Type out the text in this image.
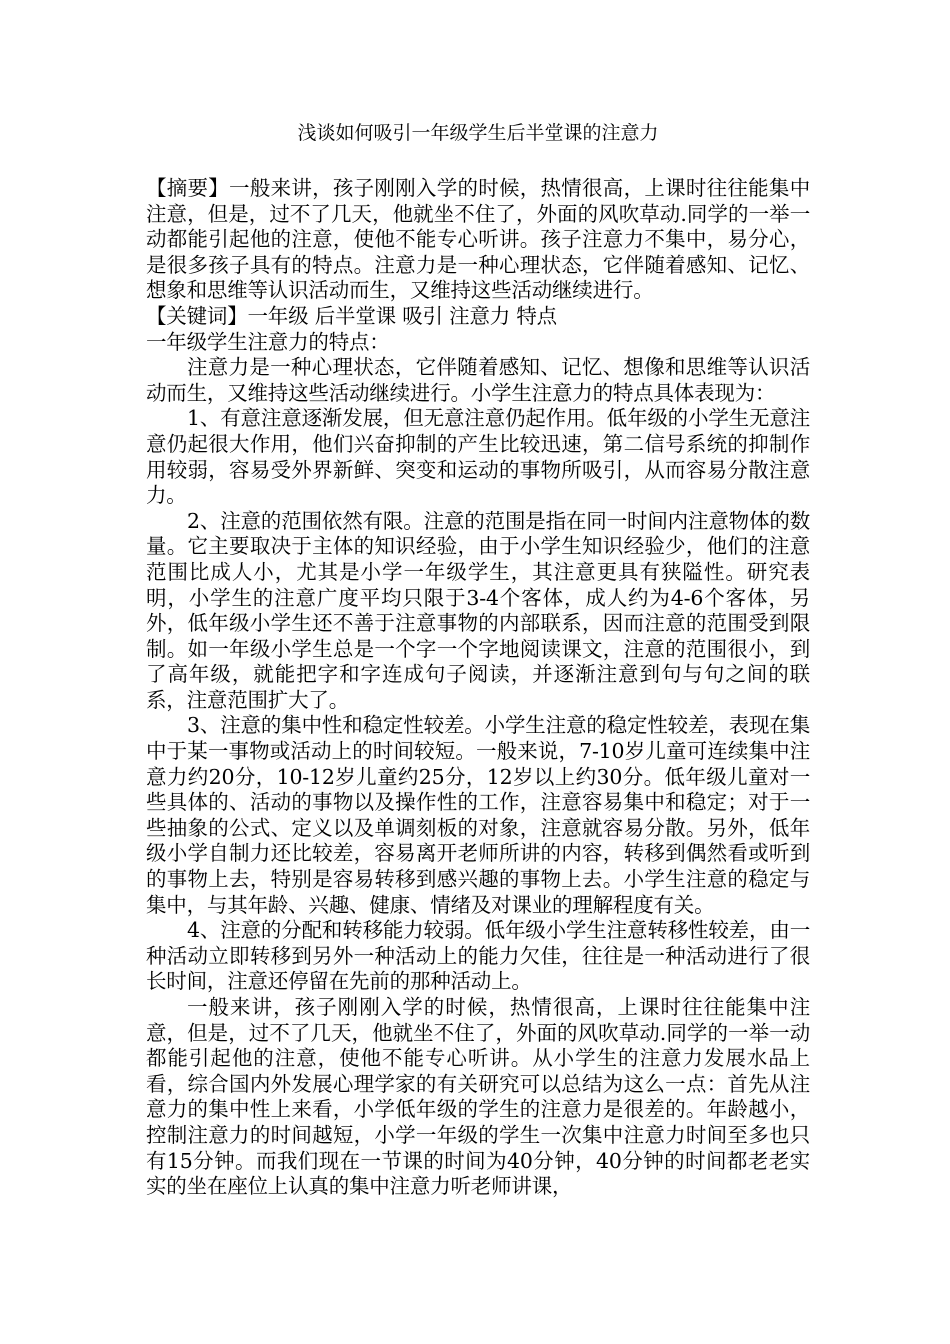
浅谈如何吸引一年级学生后半堂课的注意力

【摘要】一般来讲，孩子刚刚入学的时候，热情很高，上课时往往能集中注意，但是，过不了几天，他就坐不住了，外面的风吹草动.同学的一举一动都能引起他的注意，使他不能专心听讲。孩子注意力不集中，易分心，是很多孩子具有的特点。注意力是一种心理状态，它伴随着感知、记忆、想象和思维等认识活动而生，又维持这些活动继续进行。

【关键词】一年级 后半堂课 吸引 注意力 特点

一年级学生注意力的特点：

注意力是一种心理状态，它伴随着感知、记忆、想像和思维等认识活动而生，又维持这些活动继续进行。小学生注意力的特点具体表现为：

1、有意注意逐渐发展，但无意注意仍起作用。低年级的小学生无意注意仍起很大作用，他们兴奋抑制的产生比较迅速，第二信号系统的抑制作用较弱，容易受外界新鲜、突变和运动的事物所吸引，从而容易分散注意力。

2、注意的范围依然有限。注意的范围是指在同一时间内注意物体的数量。它主要取决于主体的知识经验，由于小学生知识经验少，他们的注意范围比成人小，尤其是小学一年级学生，其注意更具有狭隘性。研究表明，小学生的注意广度平均只限于3-4个客体，成人约为4-6个客体，另外，低年级小学生还不善于注意事物的内部联系，因而注意的范围受到限制。如一年级小学生总是一个字一个字地阅读课文，注意的范围很小，到了高年级，就能把字和字连成句子阅读，并逐渐注意到句与句之间的联系，注意范围扩大了。

3、注意的集中性和稳定性较差。小学生注意的稳定性较差，表现在集中于某一事物或活动上的时间较短。一般来说，7-10岁儿童可连续集中注意力约20分，10-12岁儿童约25分，12岁以上约30分。低年级儿童对一些具体的、活动的事物以及操作性的工作，注意容易集中和稳定；对于一些抽象的公式、定义以及单调刻板的对象，注意就容易分散。另外，低年级小学自制力还比较差，容易离开老师所讲的内容，转移到偶然看或听到的事物上去，特别是容易转移到感兴趣的事物上去。小学生注意的稳定与集中，与其年龄、兴趣、健康、情绪及对课业的理解程度有关。

4、注意的分配和转移能力较弱。低年级小学生注意转移性较差，由一种活动立即转移到另外一种活动上的能力欠佳，往往是一种活动进行了很长时间，注意还停留在先前的那种活动上。

一般来讲，孩子刚刚入学的时候，热情很高，上课时往往能集中注意，但是，过不了几天，他就坐不住了，外面的风吹草动.同学的一举一动都能引起他的注意，使他不能专心听讲。从小学生的注意力发展水品上看，综合国内外发展心理学家的有关研究可以总结为这么一点：首先从注意力的集中性上来看，小学低年级的学生的注意力是很差的。年龄越小，控制注意力的时间越短，小学一年级的学生一次集中注意力时间至多也只有15分钟。而我们现在一节课的时间为40分钟，40分钟的时间都老老实实的坐在座位上认真的集中注意力听老师讲课，
